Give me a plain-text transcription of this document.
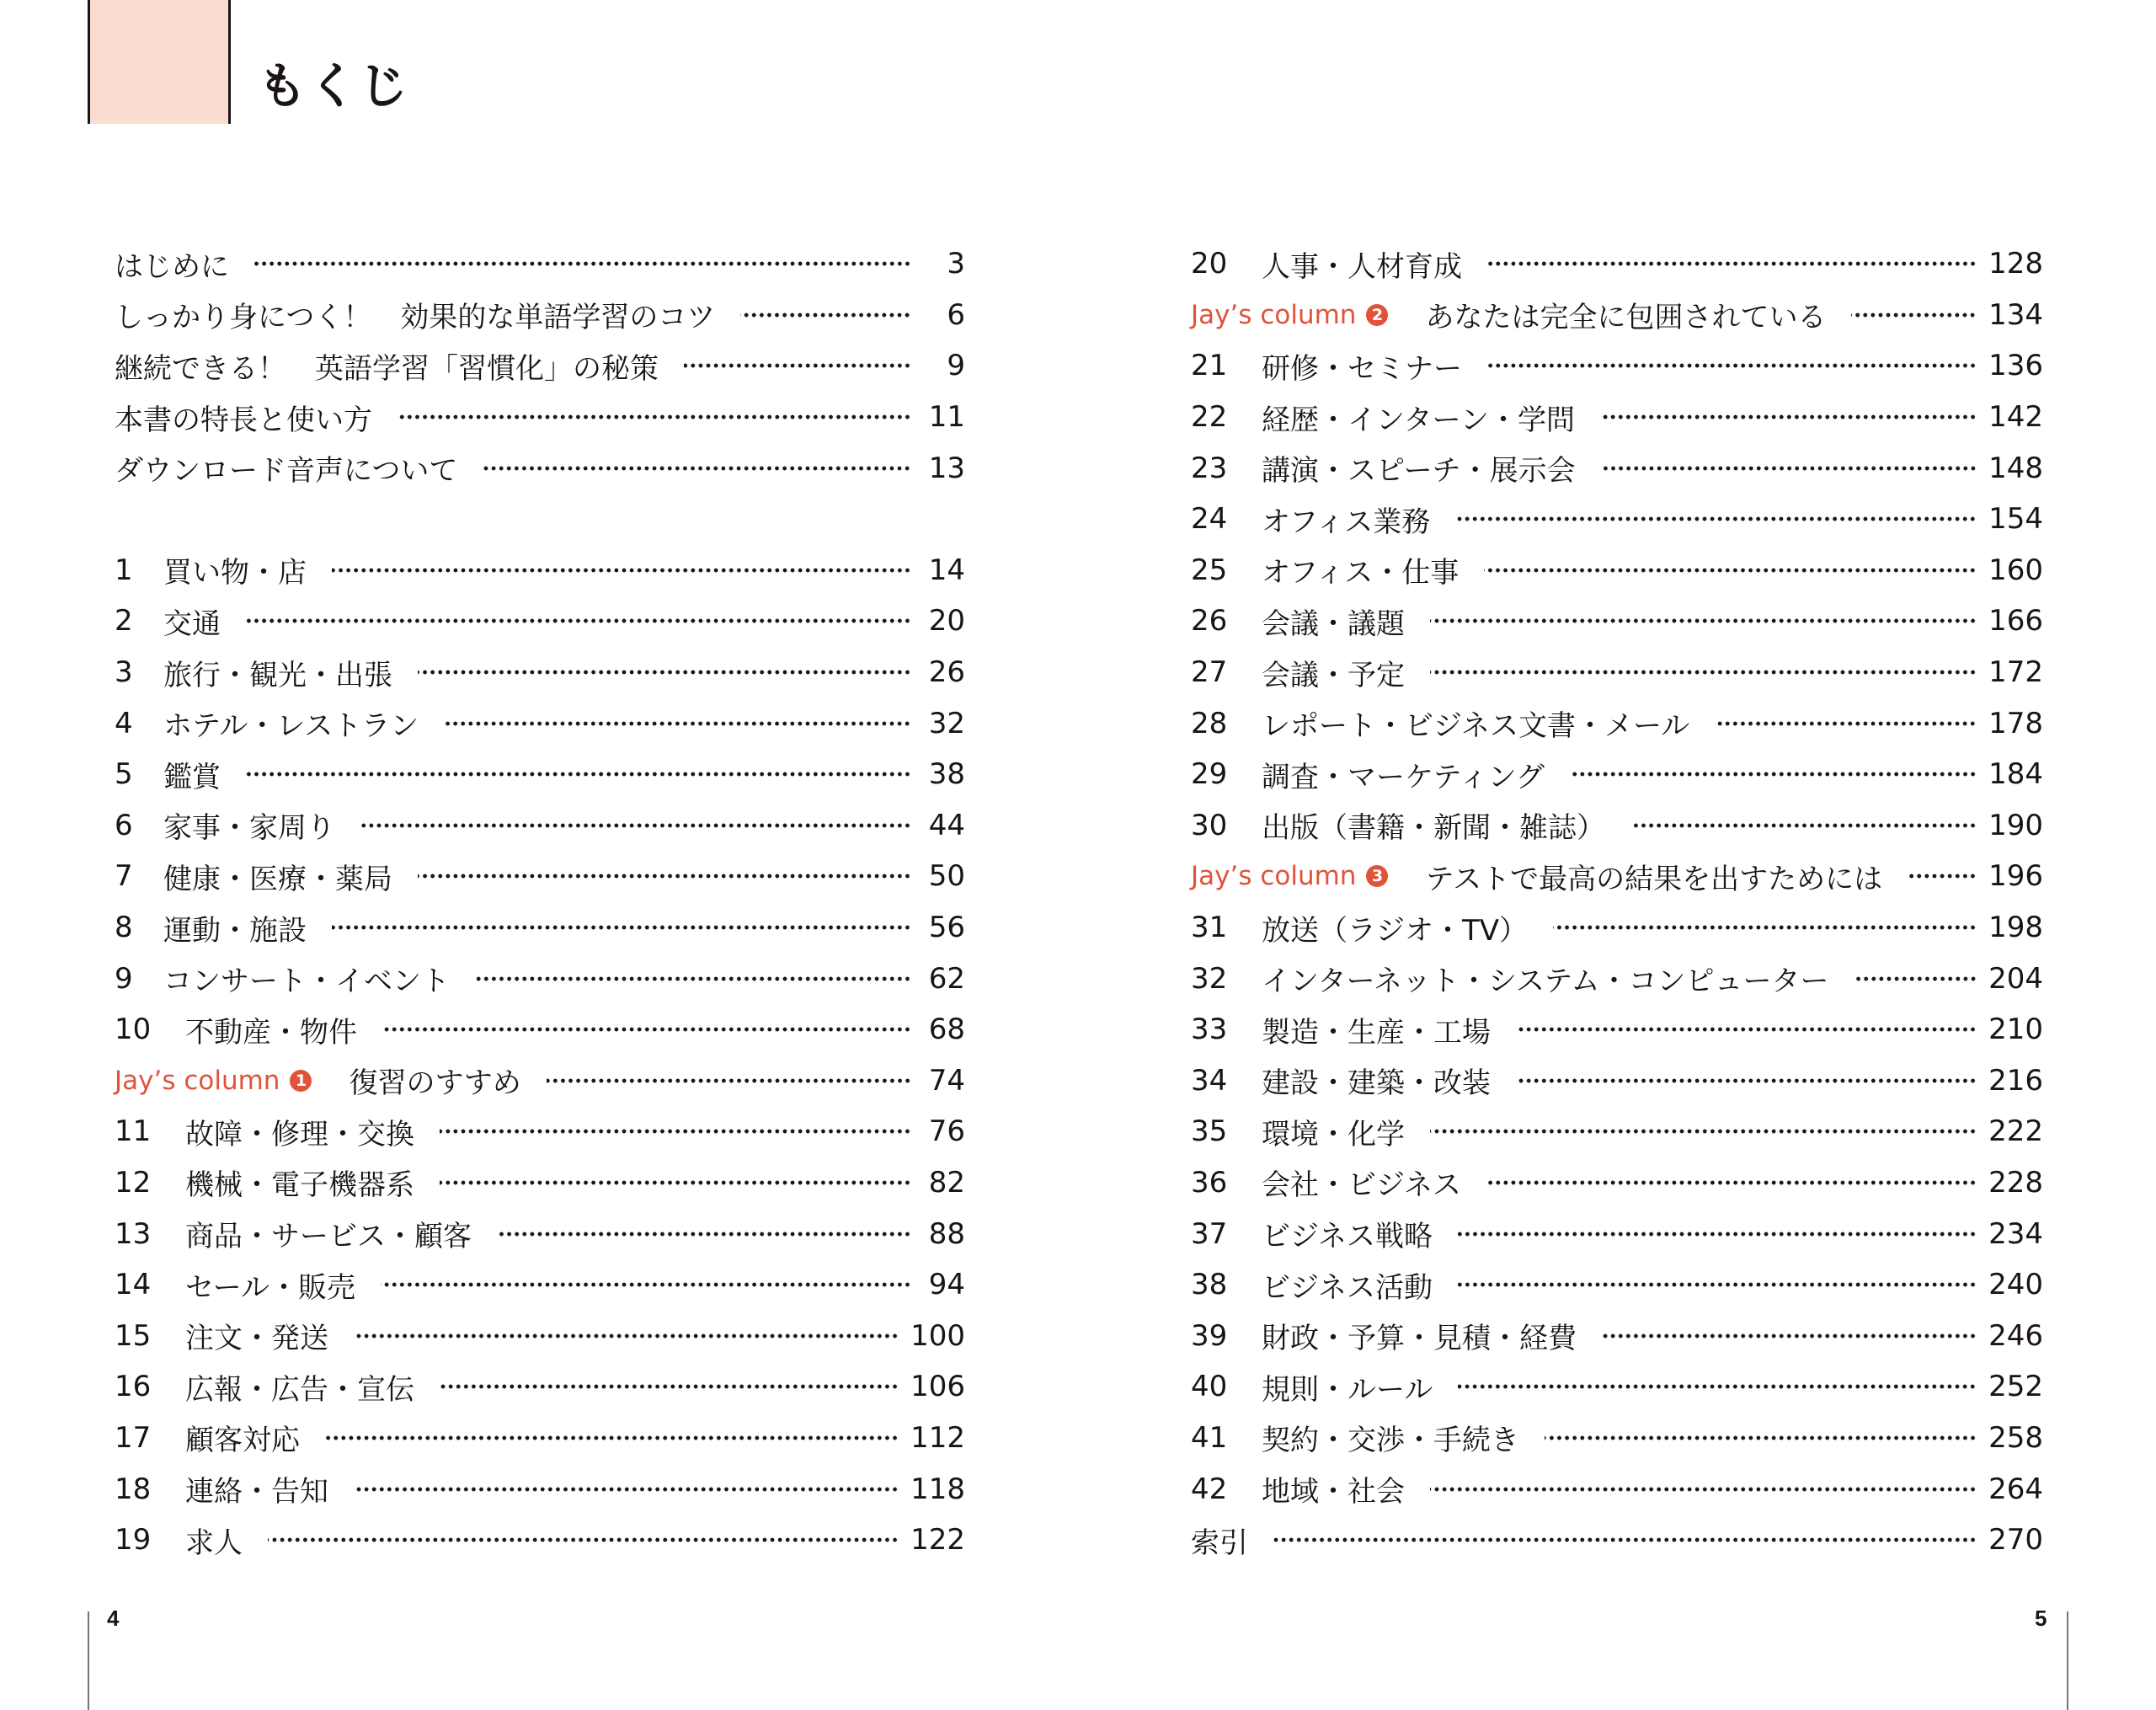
もくじ
はじめに	3
しっかり身につく！　効果的な単語学習のコツ	6
継続できる！　英語学習「習慣化」の秘策	9
本書の特長と使い方	11
ダウンロード音声について	13
1	買い物・店	14
2	交通	20
3	旅行・観光・出張	26
4	ホテル・レストラン	32
5	鑑賞	38
6	家事・家周り	44
7	健康・医療・薬局	50
8	運動・施設	56
9	コンサート・イベント	62
10	不動産・物件	68
Jay’s column 1 復習のすすめ	74
11	故障・修理・交換	76
12	機械・電子機器系	82
13	商品・サービス・顧客	88
14	セール・販売	94
15	注文・発送	100
16	広報・広告・宣伝	106
17	顧客対応	112
18	連絡・告知	118
19	求人	122
20	人事・人材育成	128
Jay’s column 2 あなたは完全に包囲されている	134
21	研修・セミナー	136
22	経歴・インターン・学問	142
23	講演・スピーチ・展示会	148
24	オフィス業務	154
25	オフィス・仕事	160
26	会議・議題	166
27	会議・予定	172
28	レポート・ビジネス文書・メール	178
29	調査・マーケティング	184
30	出版（書籍・新聞・雑誌）	190
Jay’s column 3 テストで最高の結果を出すためには	196
31	放送（ラジオ・TV）	198
32	インターネット・システム・コンピューター	204
33	製造・生産・工場	210
34	建設・建築・改装	216
35	環境・化学	222
36	会社・ビジネス	228
37	ビジネス戦略	234
38	ビジネス活動	240
39	財政・予算・見積・経費	246
40	規則・ルール	252
41	契約・交渉・手続き	258
42	地域・社会	264
索引	270
4	5
